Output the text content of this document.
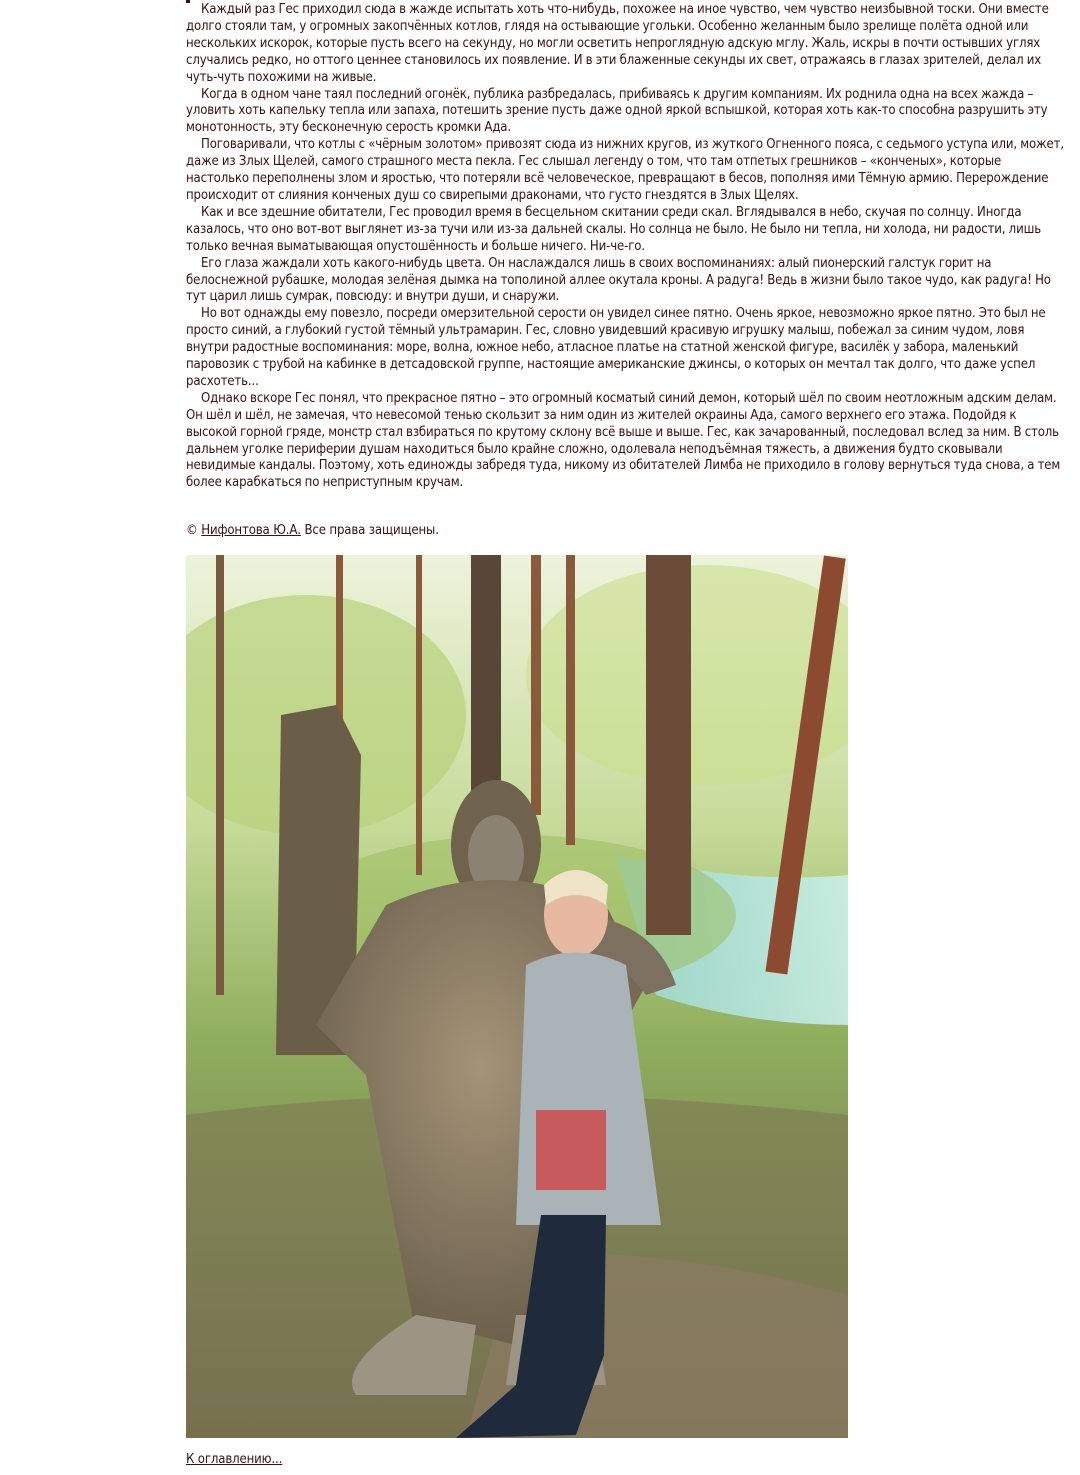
Каждый раз Гес приходил сюда в жажде испытать хоть что-нибудь, похожее на иное чувство, чем чувство неизбывной тоски. Они вместе долго стояли там, у огромных закопчённых котлов, глядя на остывающие угольки. Особенно желанным было зрелище полёта одной или нескольких искорок, которые пусть всего на секунду, но могли осветить непроглядную адскую мглу. Жаль, искры в почти остывших углях случались редко, но оттого ценнее становилось их появление. И в эти блаженные секунды их свет, отражаясь в глазах зрителей, делал их чуть-чуть похожими на живые.

Когда в одном чане таял последний огонёк, публика разбредалась, прибиваясь к другим компаниям. Их роднила одна на всех жажда – уловить хоть капельку тепла или запаха, потешить зрение пусть даже одной яркой вспышкой, которая хоть как-то способна разрушить эту монотонность, эту бесконечную серость кромки Ада.

Поговаривали, что котлы с «чёрным золотом» привозят сюда из нижних кругов, из жуткого Огненного пояса, с седьмого уступа или, может, даже из Злых Щелей, самого страшного места пекла. Гес слышал легенду о том, что там отпетых грешников – «конченых», которые настолько переполнены злом и яростью, что потеряли всё человеческое, превращают в бесов, пополняя ими Тёмную армию. Перерождение происходит от слияния конченых душ со свирепыми драконами, что густо гнездятся в Злых Щелях.

Как и все здешние обитатели, Гес проводил время в бесцельном скитании среди скал. Вглядывался в небо, скучая по солнцу. Иногда казалось, что оно вот-вот выглянет из-за тучи или из-за дальней скалы. Но солнца не было. Не было ни тепла, ни холода, ни радости, лишь только вечная выматывающая опустошённость и больше ничего. Ни-че-го.

Его глаза жаждали хоть какого-нибудь цвета. Он наслаждался лишь в своих воспоминаниях: алый пионерский галстук горит на белоснежной рубашке, молодая зелёная дымка на тополиной аллее окутала кроны. А радуга! Ведь в жизни было такое чудо, как радуга! Но тут царил лишь сумрак, повсюду: и внутри души, и снаружи.

Но вот однажды ему повезло, посреди омерзительной серости он увидел синее пятно. Очень яркое, невозможно яркое пятно. Это был не просто синий, а глубокий густой тёмный ультрамарин. Гес, словно увидевший красивую игрушку малыш, побежал за синим чудом, ловя внутри радостные воспоминания: море, волна, южное небо, атласное платье на статной женской фигуре, василёк у забора, маленький паровозик с трубой на кабинке в детсадовской группе, настоящие американские джинсы, о которых он мечтал так долго, что даже успел расхотеть...

Однако вскоре Гес понял, что прекрасное пятно – это огромный косматый синий демон, который шёл по своим неотложным адским делам. Он шёл и шёл, не замечая, что невесомой тенью скользит за ним один из жителей окраины Ада, самого верхнего его этажа. Подойдя к высокой горной гряде, монстр стал взбираться по крутому склону всё выше и выше. Гес, как зачарованный, последовал вслед за ним. В столь дальнем уголке периферии душам находиться было крайне сложно, одолевала неподъёмная тяжесть, а движения будто сковывали невидимые кандалы. Поэтому, хоть единожды забредя туда, никому из обитателей Лимба не приходило в голову вернуться туда снова, а тем более карабкаться по неприступным кручам.

© Нифонтова Ю.А. Все права защищены.
К оглавлению...
